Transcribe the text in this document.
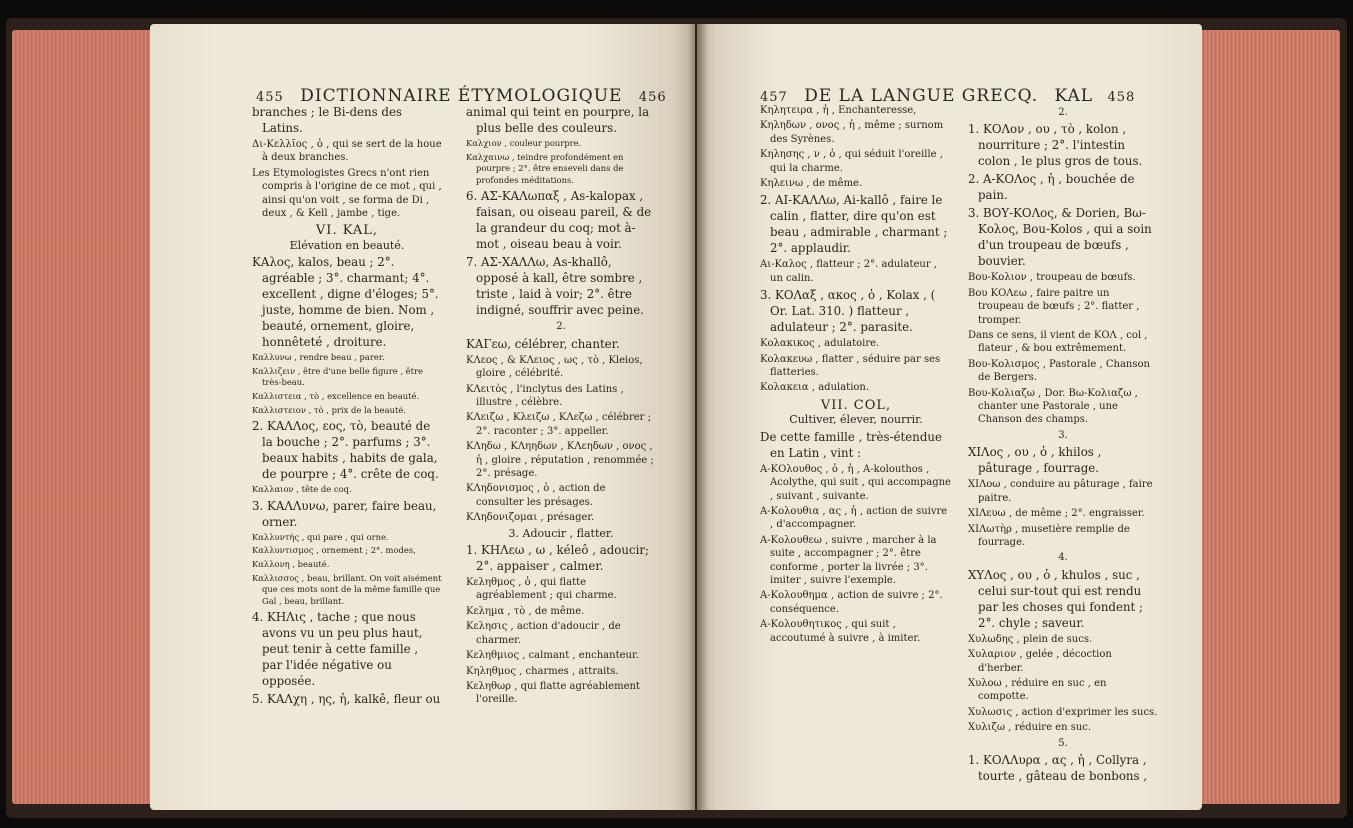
455 DICTIONNAIRE ÉTYMOLOGIQUE 456	457 DE LA LANGUE GRECQ. KAL 458

branches ; le Bi-dens des Latins.

Δι-Κελλῖος , ὁ , qui se sert de la houe à deux branches.

Les Etymologistes Grecs n'ont rien compris à l'origine de ce mot , qui , ainsi qu'on voit , se forma de Di , deux , & Kell , jambe , tige.

VI. KAL,
Elévation en beauté.

ΚΑλος, kalos, beau ; 2°. agréable ; 3°. charmant; 4°. excellent , digne d'éloges; 5°. juste, homme de bien. Nom , beauté, ornement, gloire, honnêteté , droiture.

Καλλυνω , rendre beau , parer.

Καλλιζειν , être d'une belle figure , être très-beau.

Καλλιστεια , τὸ , excellence en beauté.

Καλλιστειον , τὸ , prix de la beauté.

2. ΚΑΛΛος, εος, τὸ, beauté de la bouche ; 2°. parfums ; 3°. beaux habits , habits de gala, de pourpre ; 4°. crête de coq.

Καλλαιον , tête de coq.

3. ΚΑΛΛυνω, parer, faire beau, orner.

Καλλυντὴς , qui pare , qui orne.

Καλλυντισμος , ornement ; 2°. modes,

Καλλονη , beauté.

Καλλισσος , beau, brillant. On voit aisément que ces mots sont de la même famille que Gal , beau, brillant.

4. ΚΗΛις , tache ; que nous avons vu un peu plus haut, peut tenir à cette famille , par l'idée négative ou opposée.

5. ΚΑΛχη , ης, ἡ, kalkê, fleur ou

animal qui teint en pourpre, la plus belle des couleurs.

Καλχιον , couleur pourpre.

Καλχαινω , teindre profondément en pourpre ; 2°. être enseveli dans de profondes méditations.

6. ΑΣ-ΚΑΛωπαξ , As-kalopax , faisan, ou oiseau pareil, & de la grandeur du coq; mot à-mot , oiseau beau à voir.

7. ΑΣ-ΧΑΛΛω, As-khallô, opposé à kall, être sombre , triste , laid à voir; 2°. être indigné, souffrir avec peine.

2.

ΚΑΓεω, célébrer, chanter.

ΚΛεος , & ΚΛειος , ως , τὸ , Kleios, gloire , célébrité.

ΚΛειτὸς , l'inclytus des Latins , illustre , célèbre.

ΚΛειζω , Κλειζω , ΚΛεζω , célébrer ; 2°. raconter ; 3°. appeller.

ΚΛηδω , ΚΛηηδων , ΚΛεηδων , ονος , ἡ , gloire , réputation , renommée ; 2°. présage.

ΚΛηδονισμος , ὁ , action de consulter les présages.

ΚΛηδονιζομαι , présager.

3. Adoucir , flatter.

1. ΚΗΛεω , ω , kéleô , adoucir; 2°. appaiser , calmer.

Κεληθμος , ὁ , qui flatte agréablement ; qui charme.

Κεληµα , τὸ , de même.

Κελησις , action d'adoucir , de charmer.

Κεληθμιος , calmant , enchanteur.

Κηληθμος , charmes , attraits.

Κεληθωρ , qui flatte agréablement l'oreille.

Κηλητειρα , ἡ , Enchanteresse,

Κηληδων , ονος , ἡ , même ; surnom des Syrènes.

Κηλησης , ν , ὁ , qui séduit l'oreille , qui la charme.

Κηλεινω , de même.

2. ΑΙ-ΚΑΛΛω, Ai-kallô , faire le calin , flatter, dire qu'on est beau , admirable , charmant ; 2°. applaudir.

Αι-Καλος , flatteur ; 2°. adulateur , un calin.

3. ΚΟΛαξ , ακος , ὁ , Kolax , ( Or. Lat. 310. ) flatteur , adulateur ; 2°. parasite.

Κολακικος , adulatoire.

Κολακευω , flatter , séduire par ses flatteries.

Κολακεια , adulation.

VII. COL,
Cultiver, élever, nourrir.

De cette famille , très-étendue en Latin , vint :

Α-ΚΟλουθος , ὁ , ἡ , A-kolouthos , Acolythe, qui suit , qui accompagne , suivant , suivante.

Α-Κολουθια , ας , ἡ , action de suivre , d'accompagner.

Α-Κολουθεω , suivre , marcher à la suite , accompagner ; 2°. être conforme , porter la livrée ; 3°. imiter , suivre l'exemple.

Α-Κολουθημα , action de suivre ; 2°. conséquence.

Α-Κολουθητικος , qui suit , accoutumé à suivre , à imiter.

2.

1. ΚΟΛον , ου , τὸ , kolon , nourriture ; 2°. l'intestin colon , le plus gros de tous.

2. Α-ΚΟΛος , ἡ , bouchée de pain.

3. ΒΟΥ-ΚΟΛος, & Dorien, Βω-Κολος, Bou-Kolos , qui a soin d'un troupeau de bœufs , bouvier.

Βου-Κολιον , troupeau de bœufs.

Βου ΚΟΛεω , faire paitre un troupeau de bœufs ; 2°. flatter , tromper.

Dans ce sens, il vient de ΚΟΛ , col , flateur , & bou extrêmement.

Βου-Κολισμος , Pastorale , Chanson de Bergers.

Βου-Κολιαζω , Dor. Βω-Κολιαζω , chanter une Pastorale , une Chanson des champs.

3.

ΧΙΛος , ου , ὁ , khilos , pâturage , fourrage.

ΧΙΛοω , conduire au pâturage , faire paitre.

ΧΙΛευω , de même ; 2°. engraisser.

ΧΙΛωτὴρ , musetière remplie de fourrage.

4.

ΧΥΛος , ου , ὁ , khulos , suc , celui sur-tout qui est rendu par les choses qui fondent ; 2°. chyle ; saveur.

Χυλωδης , plein de sucs.

Χυλαριον , gelée , décoction d'herber.

Χυλοω , réduire en suc , en compotte.

Χυλωσις , action d'exprimer les sucs.

Χυλιζω , réduire en suc.

5.

1. ΚΟΛΛυρα , ας , ἡ , Collyra , tourte , gâteau de bonbons ,
